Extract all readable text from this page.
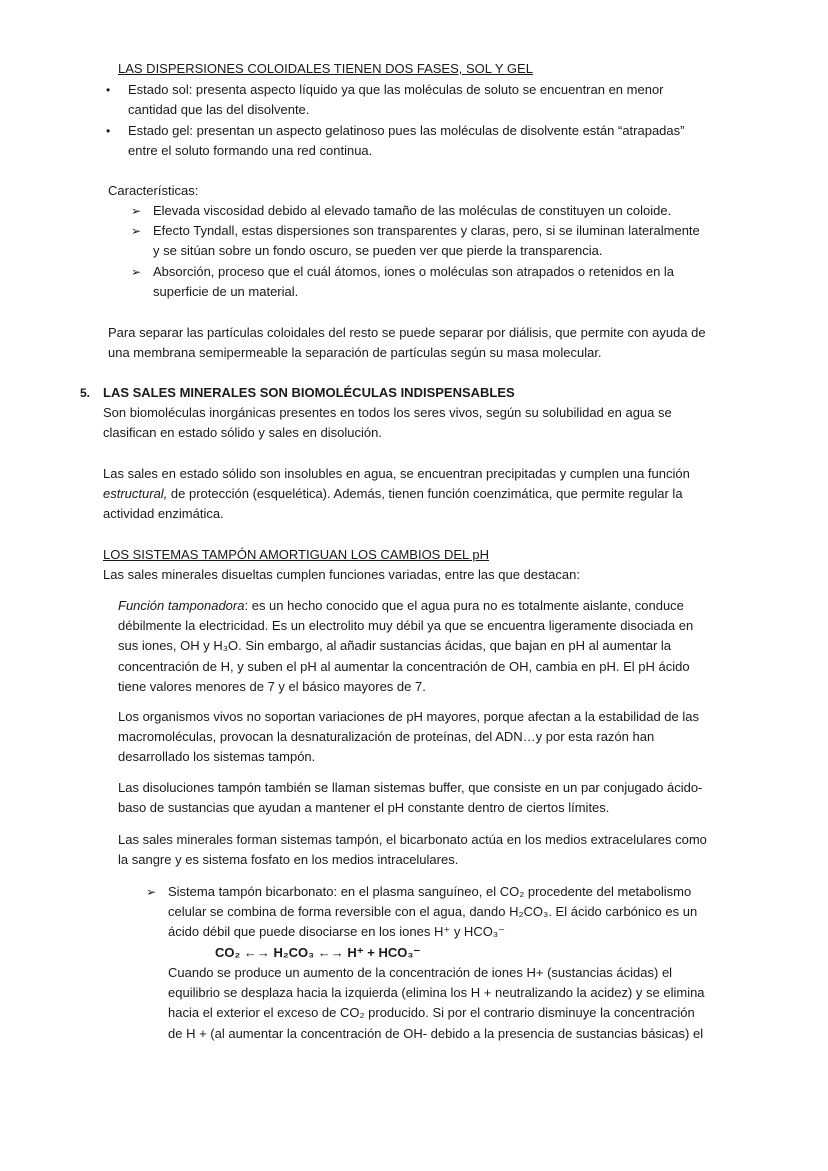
LAS DISPERSIONES COLOIDALES TIENEN DOS FASES, SOL Y GEL
• Estado sol: presenta aspecto líquido ya que las moléculas de soluto se encuentran en menor
cantidad que las del disolvente.
• Estado gel: presentan un aspecto gelatinoso pues las moléculas de disolvente están “atrapadas”
entre el soluto formando una red continua.
Características:
➢ Elevada viscosidad debido al elevado tamaño de las moléculas de constituyen un coloide.
➢ Efecto Tyndall, estas dispersiones son transparentes y claras, pero, si se iluminan lateralmente
y se sitúan sobre un fondo oscuro, se pueden ver que pierde la transparencia.
➢ Absorción, proceso que el cuál átomos, iones o moléculas son atrapados o retenidos en la
superficie de un material.
Para separar las partículas coloidales del resto se puede separar por diálisis, que permite con ayuda de
una membrana semipermeable la separación de partículas según su masa molecular.
5. LAS SALES MINERALES SON BIOMOLÉCULAS INDISPENSABLES
Son biomoléculas inorgánicas presentes en todos los seres vivos, según su solubilidad en agua se
clasifican en estado sólido y sales en disolución.
Las sales en estado sólido son insolubles en agua, se encuentran precipitadas y cumplen una función
estructural, de protección (esquelética). Además, tienen función coenzimática, que permite regular la
actividad enzimática.
LOS SISTEMAS TAMPÓN AMORTIGUAN LOS CAMBIOS DEL pH
Las sales minerales disueltas cumplen funciones variadas, entre las que destacan:
Función tamponadora: es un hecho conocido que el agua pura no es totalmente aislante, conduce
débilmente la electricidad. Es un electrolito muy débil ya que se encuentra ligeramente disociada en
sus iones, OH y H₃O. Sin embargo, al añadir sustancias ácidas, que bajan en pH al aumentar la
concentración de H, y suben el pH al aumentar la concentración de OH, cambia en pH. El pH ácido
tiene valores menores de 7 y el básico mayores de 7.
Los organismos vivos no soportan variaciones de pH mayores, porque afectan a la estabilidad de las
macromoléculas, provocan la desnaturalización de proteínas, del ADN…y por esta razón han
desarrollado los sistemas tampón.
Las disoluciones tampón también se llaman sistemas buffer, que consiste en un par conjugado ácido-
baso de sustancias que ayudan a mantener el pH constante dentro de ciertos límites.
Las sales minerales forman sistemas tampón, el bicarbonato actúa en los medios extracelulares como
la sangre y es sistema fosfato en los medios intracelulares.
➢ Sistema tampón bicarbonato: en el plasma sanguíneo, el CO₂ procedente del metabolismo
celular se combina de forma reversible con el agua, dando H₂CO₃. El ácido carbónico es un
ácido débil que puede disociarse en los iones H⁺ y HCO₃⁻
CO₂ ←→ H₂CO₃ ←→ H⁺ + HCO₃⁻
Cuando se produce un aumento de la concentración de iones H+ (sustancias ácidas) el
equilibrio se desplaza hacia la izquierda (elimina los H + neutralizando la acidez) y se elimina
hacia el exterior el exceso de CO₂ producido. Si por el contrario disminuye la concentración
de H + (al aumentar la concentración de OH- debido a la presencia de sustancias básicas) el
